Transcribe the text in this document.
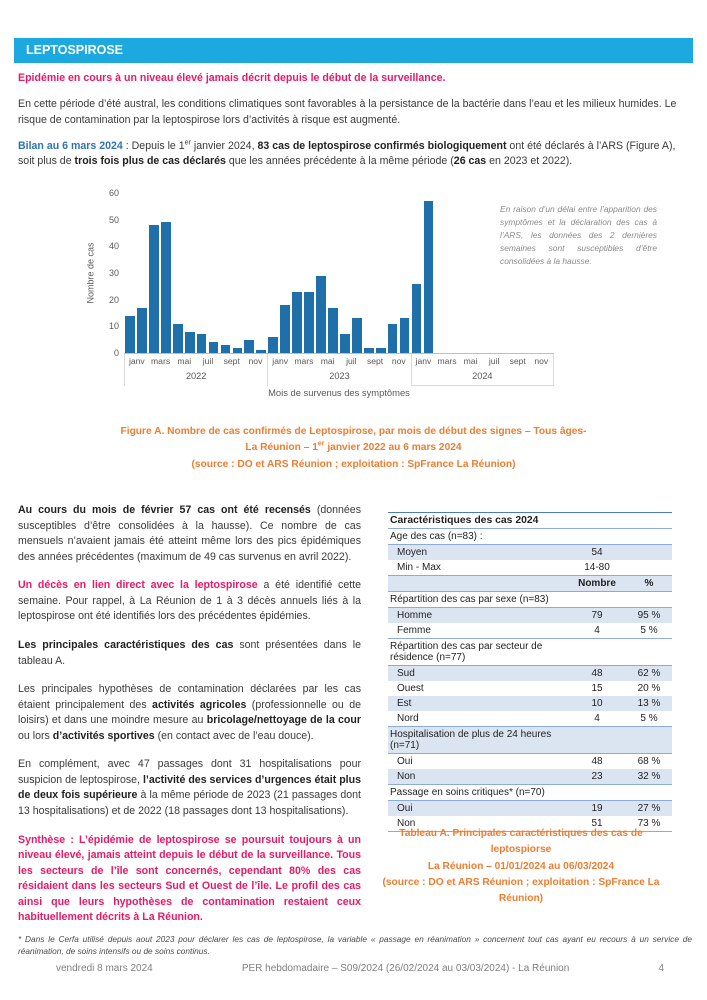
LEPTOSPIROSE

Epidémie en cours à un niveau élevé jamais décrit depuis le début de la surveillance.

En cette période d’été austral, les conditions climatiques sont favorables à la persistance de la bactérie dans l’eau et les milieux humides. Le risque de contamination par la leptospirose lors d’activités à risque est augmenté.

Bilan au 6 mars 2024 : Depuis le 1er janvier 2024, 83 cas de leptospirose confirmés biologiquement ont été déclarés à l’ARS (Figure A), soit plus de trois fois plus de cas déclarés que les années précédente à la même période (26 cas en 2023 et 2022).

Nombre de cas
0
10
20
30
40
50
60
janv mars mai	juil	sept	nov
2022
janv mars mai	juil	sept	nov
2023
janv mars mai	juil	sept nov
2024
Mois de survenus des symptômes
En raison d’un délai entre l’apparition des symptômes et la déclaration des cas à l’ARS, les données des 2 dernières semaines sont susceptibles d’être consolidées à la hausse.
Figure A. Nombre de cas confirmés de Leptospirose, par mois de début des signes – Tous âges-
La Réunion – 1er janvier 2022 au 6 mars 2024
(source : DO et ARS Réunion ; exploitation : SpFrance La Réunion)

Au cours du mois de février 57 cas ont été recensés (données susceptibles d’être consolidées à la hausse). Ce nombre de cas mensuels n’avaient jamais été atteint même lors des pics épidémiques des années précédentes (maximum de 49 cas survenus en avril 2022).

Un décès en lien direct avec la leptospirose a été identifié cette semaine. Pour rappel, à La Réunion de 1 à 3 décès annuels liés à la leptospirose ont été identifiés lors des précédentes épidémies.

Les principales caractéristiques des cas sont présentées dans le tableau A.

Les principales hypothèses de contamination déclarées par les cas étaient principalement des activités agricoles (professionnelle ou de loisirs) et dans une moindre mesure au bricolage/nettoyage de la cour ou lors d’activités sportives (en contact avec de l’eau douce).

En complément, avec 47 passages dont 31 hospitalisations pour suspicion de leptospirose, l’activité des services d’urgences était plus de deux fois supérieure à la même période de 2023 (21 passages dont 13 hospitalisations) et de 2022 (18 passages dont 13 hospitalisations).

Synthèse : L’épidémie de leptospirose se poursuit toujours à un niveau élevé, jamais atteint depuis le début de la surveillance. Tous les secteurs de l’île sont concernés, cependant 80% des cas résidaient dans les secteurs Sud et Ouest de l’île. Le profil des cas ainsi que leurs hypothèses de contamination restaient ceux habituellement décrits à La Réunion.

Caractéristiques des cas 2024
Age des cas (n=83) :
Moyen	54
Min - Max	14-80
Nombre	%
Répartition des cas par sexe (n=83)
Homme	79	95 %
Femme	4	5 %
Répartition des cas par secteur de résidence (n=77)
Sud	48	62 %
Ouest	15	20 %
Est	10	13 %
Nord	4	5 %
Hospitalisation de plus de 24 heures (n=71)
Oui	48	68 %
Non	23	32 %
Passage en soins critiques* (n=70)
Oui	19	27 %
Non	51	73 %
Tableau A. Principales caractéristiques des cas de leptospiorse
La Réunion – 01/01/2024 au 06/03/2024
(source : DO et ARS Réunion ; exploitation : SpFrance La Réunion)
* Dans le Cerfa utilisé depuis aout 2023 pour déclarer les cas de leptospirose, la variable « passage en réanimation » concernent tout cas ayant eu recours à un service de réanimation, de soins intensifs ou de soins continus.
vendredi 8 mars 2024	PER hebdomadaire – S09/2024 (26/02/2024 au 03/03/2024) - La Réunion	4
